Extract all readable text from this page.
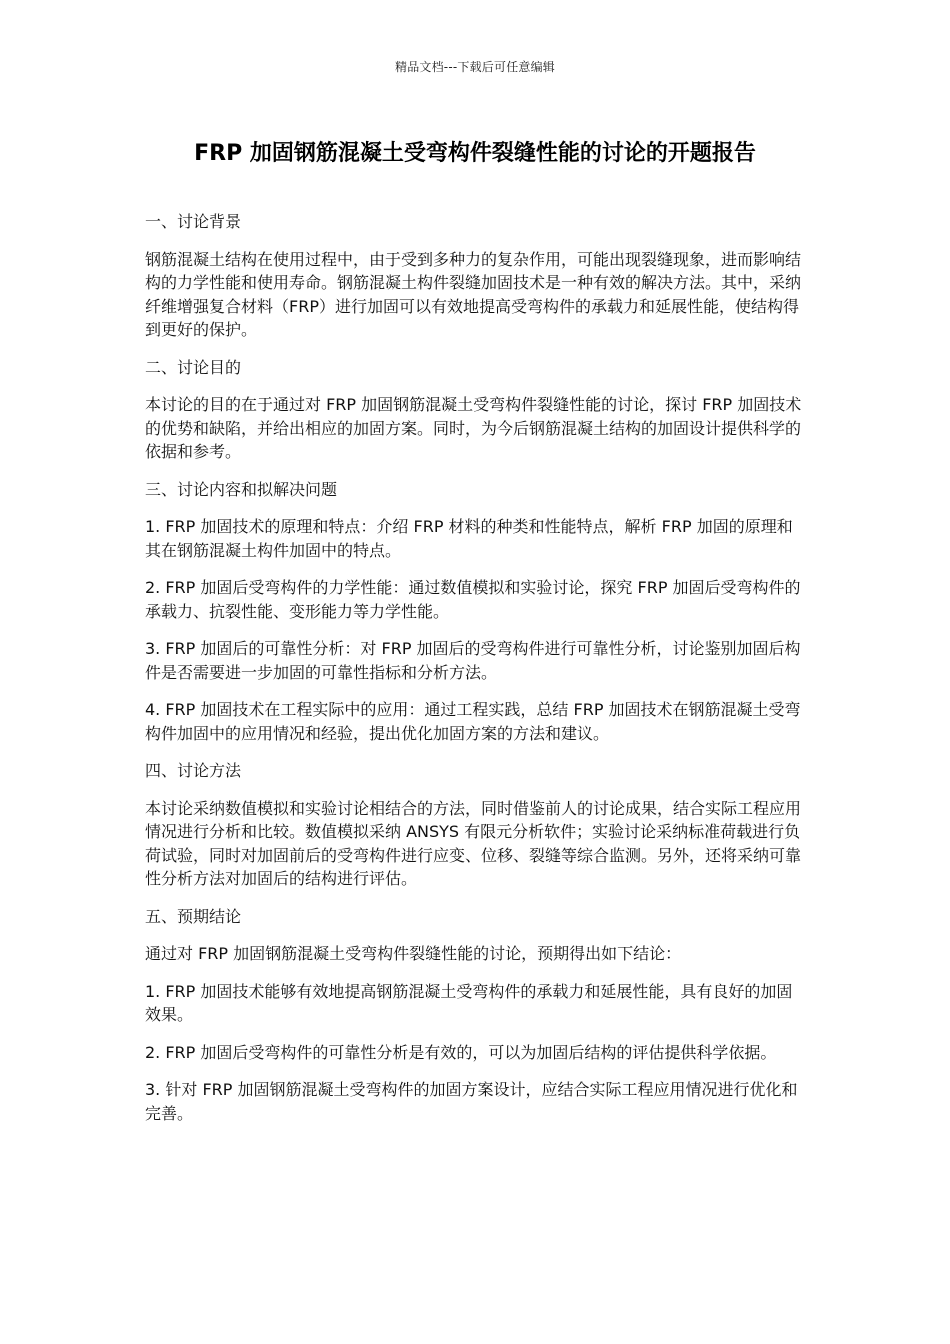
精品文档---下载后可任意编辑
FRP 加固钢筋混凝土受弯构件裂缝性能的讨论的开题报告

一、讨论背景

钢筋混凝土结构在使用过程中，由于受到多种力的复杂作用，可能出现裂缝现象，进而影响结构的力学性能和使用寿命。钢筋混凝土构件裂缝加固技术是一种有效的解决方法。其中，采纳纤维增强复合材料（FRP）进行加固可以有效地提高受弯构件的承载力和延展性能，使结构得到更好的保护。

二、讨论目的

本讨论的目的在于通过对 FRP 加固钢筋混凝土受弯构件裂缝性能的讨论，探讨 FRP 加固技术的优势和缺陷，并给出相应的加固方案。同时，为今后钢筋混凝土结构的加固设计提供科学的依据和参考。

三、讨论内容和拟解决问题

1. FRP 加固技术的原理和特点：介绍 FRP 材料的种类和性能特点，解析 FRP 加固的原理和其在钢筋混凝土构件加固中的特点。

2. FRP 加固后受弯构件的力学性能：通过数值模拟和实验讨论，探究 FRP 加固后受弯构件的承载力、抗裂性能、变形能力等力学性能。

3. FRP 加固后的可靠性分析：对 FRP 加固后的受弯构件进行可靠性分析，讨论鉴别加固后构件是否需要进一步加固的可靠性指标和分析方法。

4. FRP 加固技术在工程实际中的应用：通过工程实践，总结 FRP 加固技术在钢筋混凝土受弯构件加固中的应用情况和经验，提出优化加固方案的方法和建议。

四、讨论方法

本讨论采纳数值模拟和实验讨论相结合的方法，同时借鉴前人的讨论成果，结合实际工程应用情况进行分析和比较。数值模拟采纳 ANSYS 有限元分析软件；实验讨论采纳标准荷载进行负荷试验，同时对加固前后的受弯构件进行应变、位移、裂缝等综合监测。另外，还将采纳可靠性分析方法对加固后的结构进行评估。

五、预期结论

通过对 FRP 加固钢筋混凝土受弯构件裂缝性能的讨论，预期得出如下结论：

1. FRP 加固技术能够有效地提高钢筋混凝土受弯构件的承载力和延展性能，具有良好的加固效果。

2. FRP 加固后受弯构件的可靠性分析是有效的，可以为加固后结构的评估提供科学依据。

3. 针对 FRP 加固钢筋混凝土受弯构件的加固方案设计，应结合实际工程应用情况进行优化和完善。
